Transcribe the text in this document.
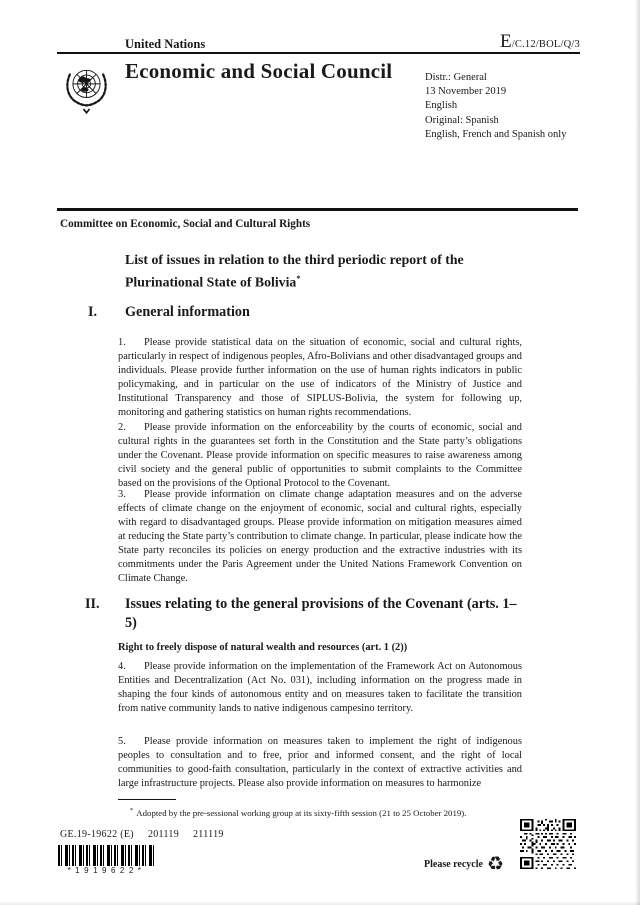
United Nations	E/C.12/BOL/Q/3
Economic and Social Council	Distr.: General
13 November 2019
English
Original: Spanish
English, French and Spanish only
Committee on Economic, Social and Cultural Rights
List of issues in relation to the third periodic report of the Plurinational State of Bolivia*
I. General information
1. Please provide statistical data on the situation of economic, social and cultural rights, particularly in respect of indigenous peoples, Afro-Bolivians and other disadvantaged groups and individuals. Please provide further information on the use of human rights indicators in public policymaking, and in particular on the use of indicators of the Ministry of Justice and Institutional Transparency and those of SIPLUS-Bolivia, the system for following up, monitoring and gathering statistics on human rights recommendations.
2. Please provide information on the enforceability by the courts of economic, social and cultural rights in the guarantees set forth in the Constitution and the State party’s obligations under the Covenant. Please provide information on specific measures to raise awareness among civil society and the general public of opportunities to submit complaints to the Committee based on the provisions of the Optional Protocol to the Covenant.
3. Please provide information on climate change adaptation measures and on the adverse effects of climate change on the enjoyment of economic, social and cultural rights, especially with regard to disadvantaged groups. Please provide information on mitigation measures aimed at reducing the State party’s contribution to climate change. In particular, please indicate how the State party reconciles its policies on energy production and the extractive industries with its commitments under the Paris Agreement under the United Nations Framework Convention on Climate Change.
II.	Issues relating to the general provisions of the Covenant (arts. 1–5)
Right to freely dispose of natural wealth and resources (art. 1 (2))
4. Please provide information on the implementation of the Framework Act on Autonomous Entities and Decentralization (Act No. 031), including information on the progress made in shaping the four kinds of autonomous entity and on measures taken to facilitate the transition from native community lands to native indigenous campesino territory.
5. Please provide information on measures taken to implement the right of indigenous peoples to consultation and to free, prior and informed consent, and the right of local communities to good-faith consultation, particularly in the context of extractive activities and large infrastructure projects. Please also provide information on measures to harmonize
* Adopted by the pre-sessional working group at its sixty-fifth session (21 to 25 October 2019).
GE.19-19622 (E) 201119 211119
*1919622*
Please recycle ♻
